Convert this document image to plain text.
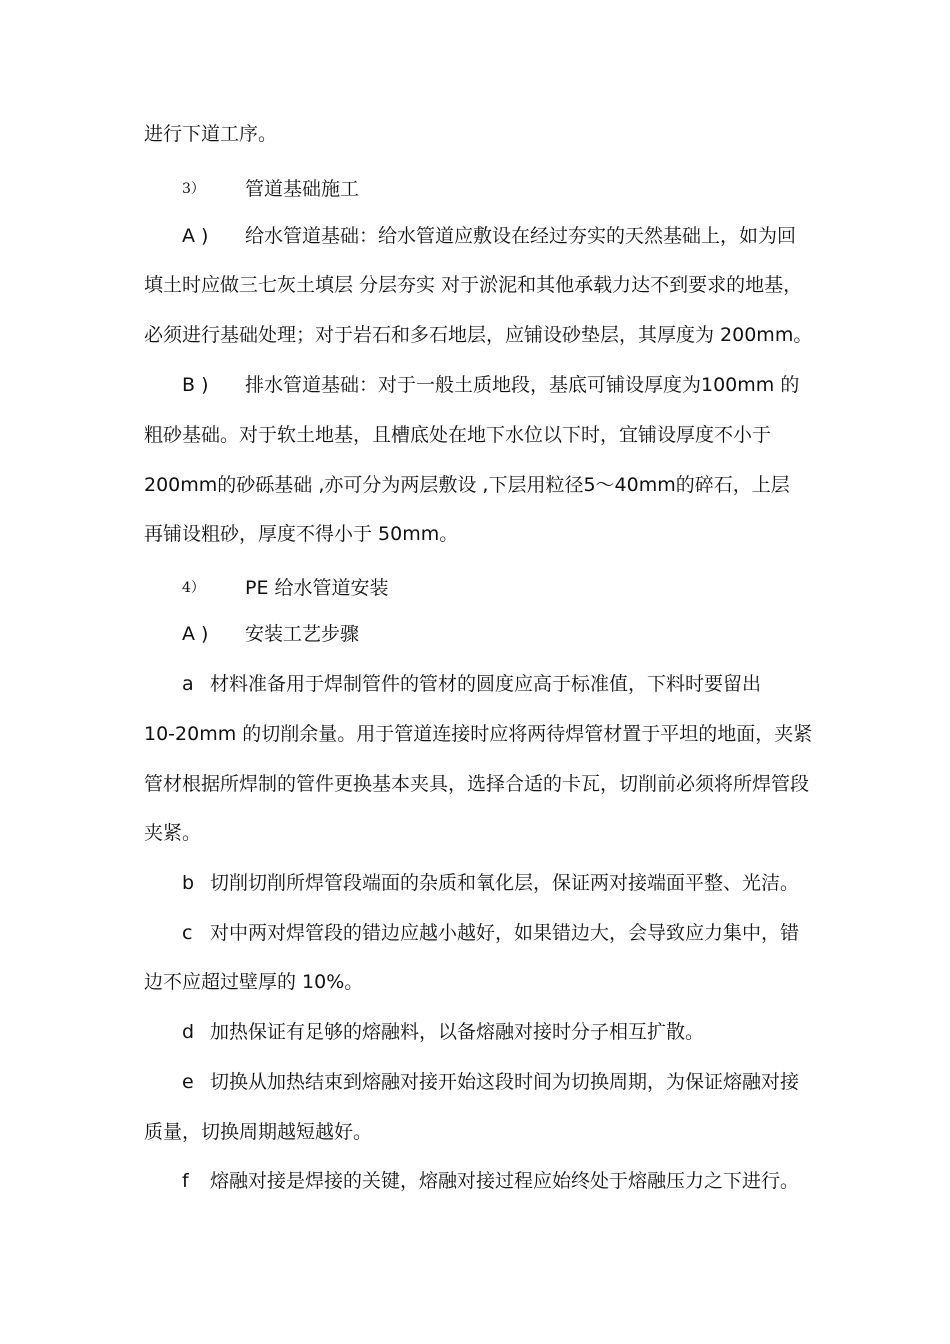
进行下道工序。
3） 管道基础施工
A ) 给水管道基础：给水管道应敷设在经过夯实的天然基础上，如为回
填土时应做三七灰土填层 分层夯实 对于淤泥和其他承载力达不到要求的地基，
必须进行基础处理；对于岩石和多石地层，应铺设砂垫层，其厚度为 200mm。
B ) 排水管道基础：对于一般土质地段，基底可铺设厚度为100mm 的
粗砂基础。对于软土地基，且槽底处在地下水位以下时，宜铺设厚度不小于
200mm的砂砾基础 ,亦可分为两层敷设 ,下层用粒径5～40mm的碎石，上层
再铺设粗砂，厚度不得小于 50mm。
4） PE 给水管道安装
A ) 安装工艺步骤
a 材料准备用于焊制管件的管材的圆度应高于标准值，下料时要留出
10-20mm 的切削余量。用于管道连接时应将两待焊管材置于平坦的地面，夹紧
管材根据所焊制的管件更换基本夹具，选择合适的卡瓦，切削前必须将所焊管段
夹紧。
b 切削切削所焊管段端面的杂质和氧化层，保证两对接端面平整、光洁。
c 对中两对焊管段的错边应越小越好，如果错边大，会导致应力集中，错
边不应超过壁厚的 10%。
d 加热保证有足够的熔融料，以备熔融对接时分子相互扩散。
e 切换从加热结束到熔融对接开始这段时间为切换周期，为保证熔融对接
质量，切换周期越短越好。
f 熔融对接是焊接的关键，熔融对接过程应始终处于熔融压力之下进行。
